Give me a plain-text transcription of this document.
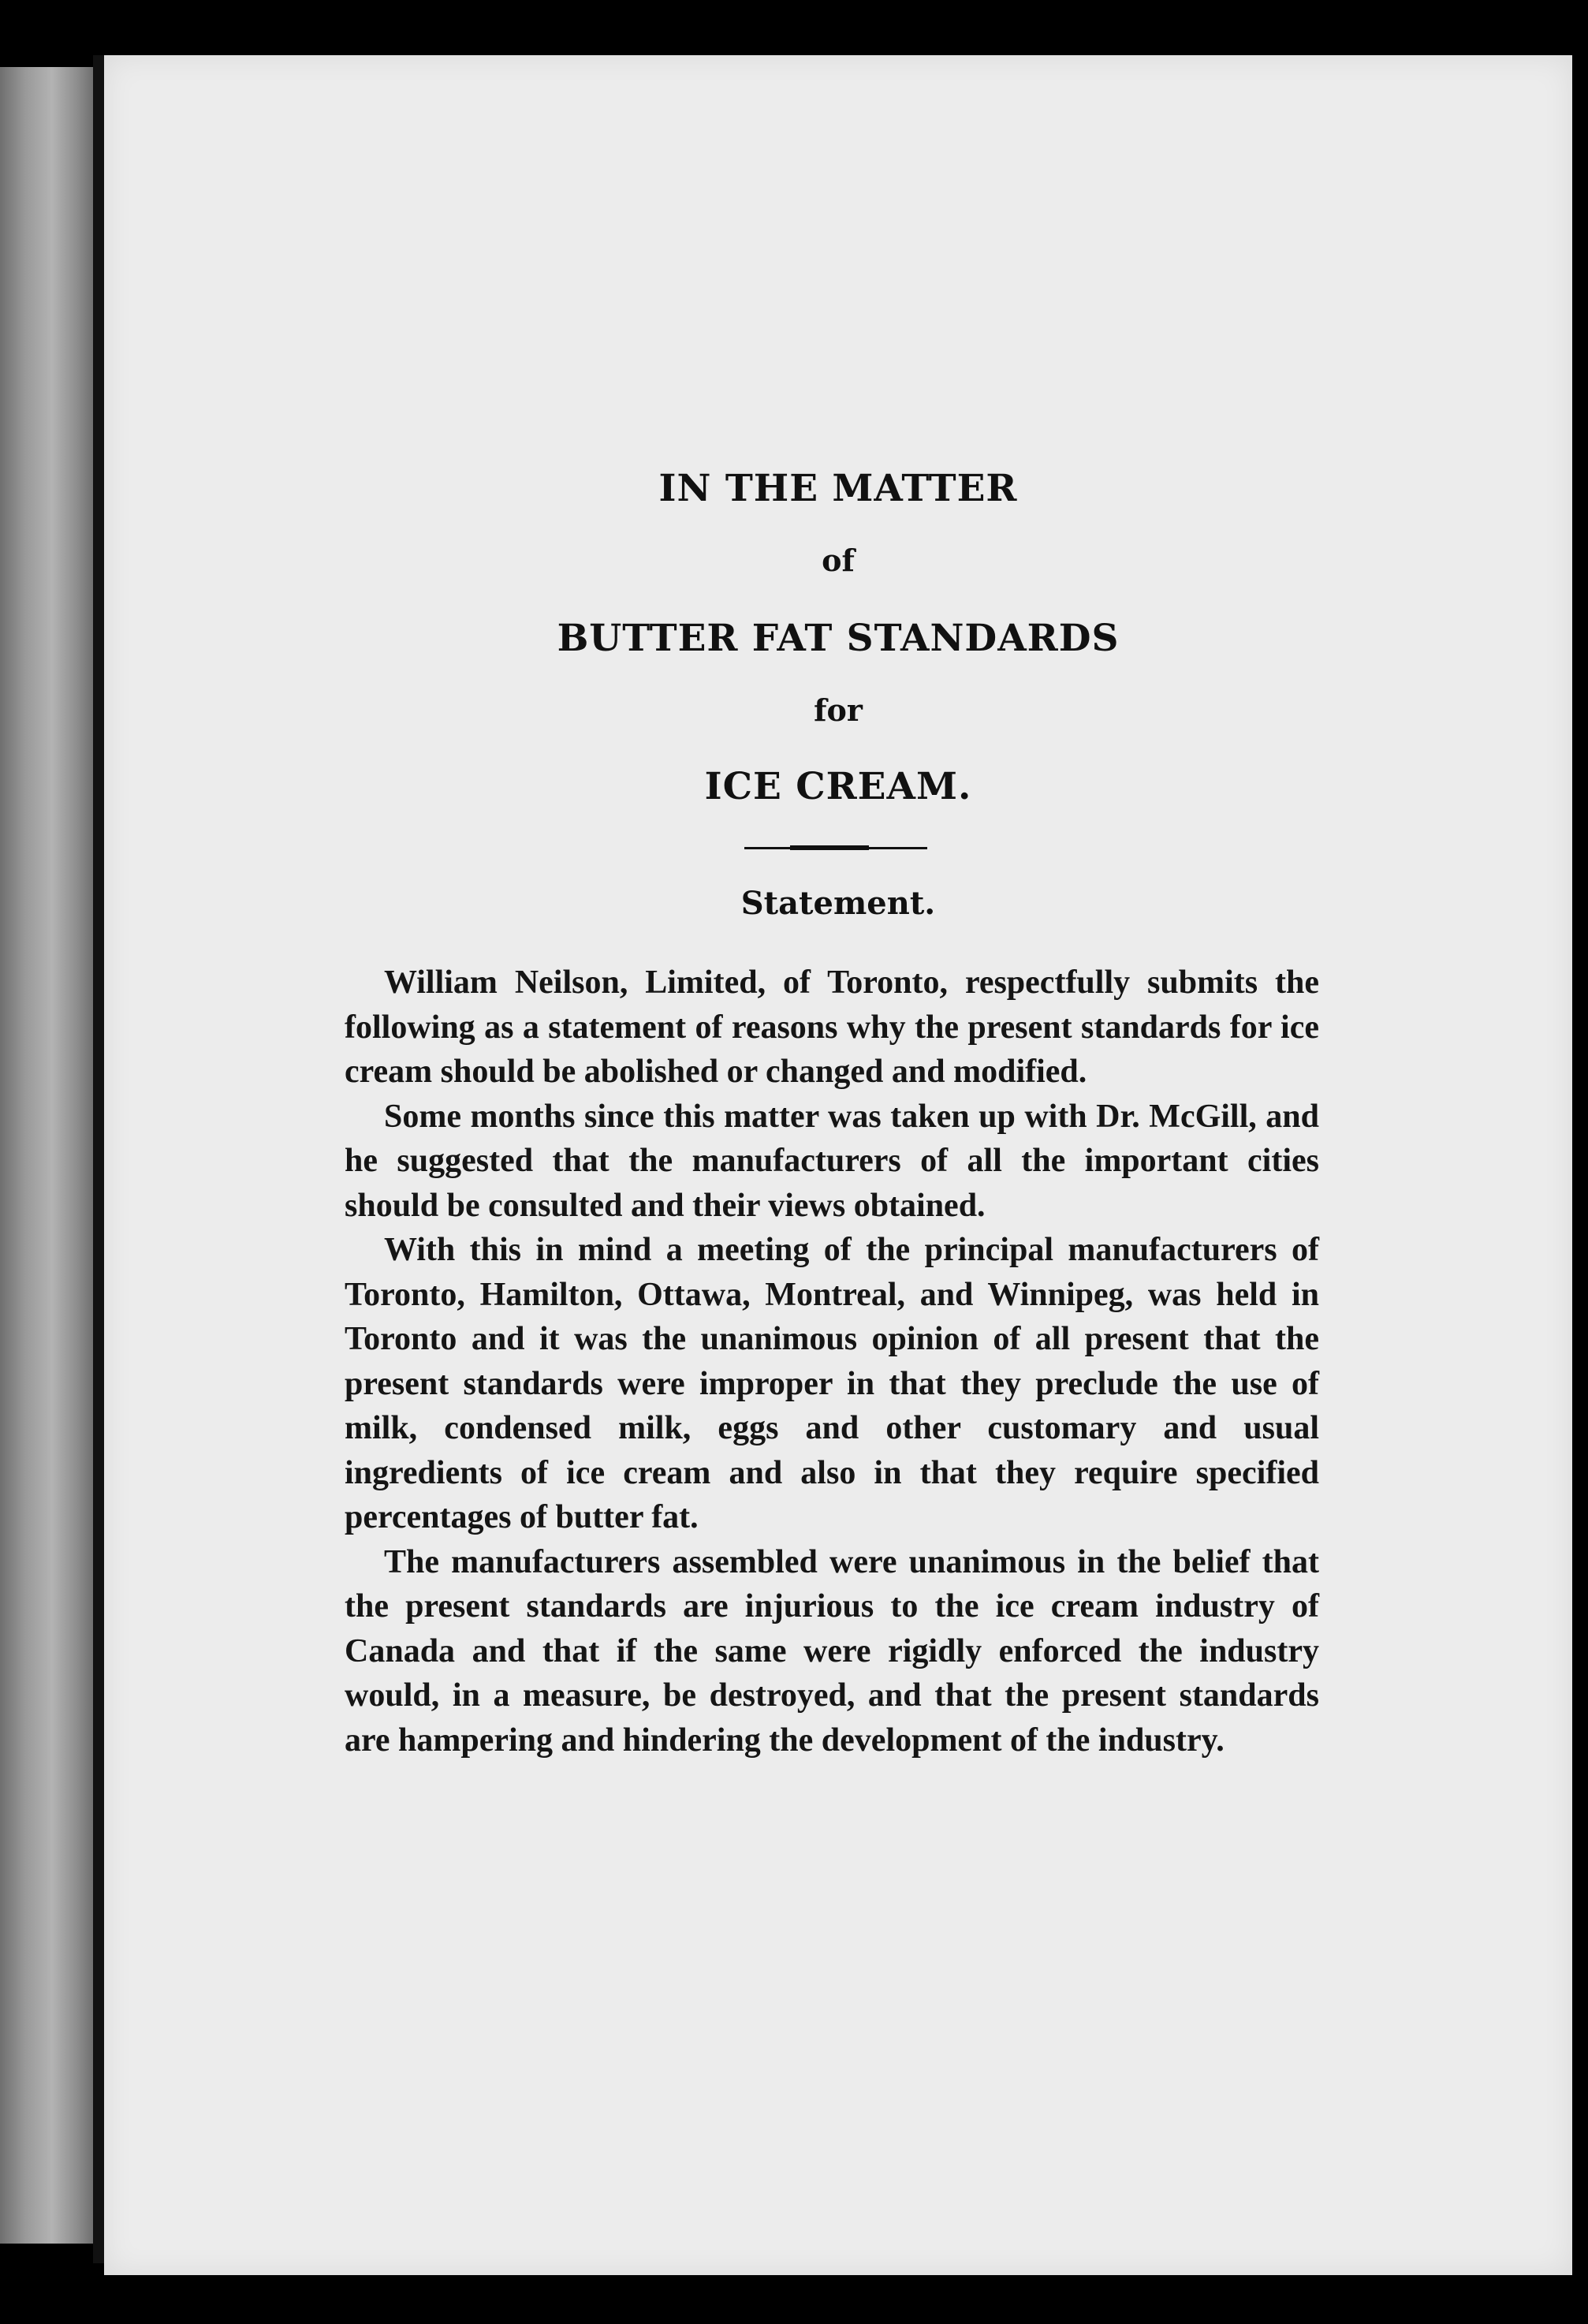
IN THE MATTER
of
BUTTER FAT STANDARDS
for
ICE CREAM.
Statement.

William Neilson, Limited, of Toronto, respectfully submits the following as a statement of reasons why the present standards for ice cream should be abolished or changed and modified.

Some months since this matter was taken up with Dr. McGill, and he suggested that the manufacturers of all the important cities should be consulted and their views obtained.

With this in mind a meeting of the principal manufacturers of Toronto, Hamilton, Ottawa, Montreal, and Winnipeg, was held in Toronto and it was the unanimous opinion of all present that the present standards were improper in that they preclude the use of milk, condensed milk, eggs and other customary and usual ingredients of ice cream and also in that they require specified percentages of butter fat.

The manufacturers assembled were unanimous in the belief that the present standards are injurious to the ice cream industry of Canada and that if the same were rigidly enforced the industry would, in a measure, be destroyed, and that the present standards are hampering and hindering the development of the industry.
